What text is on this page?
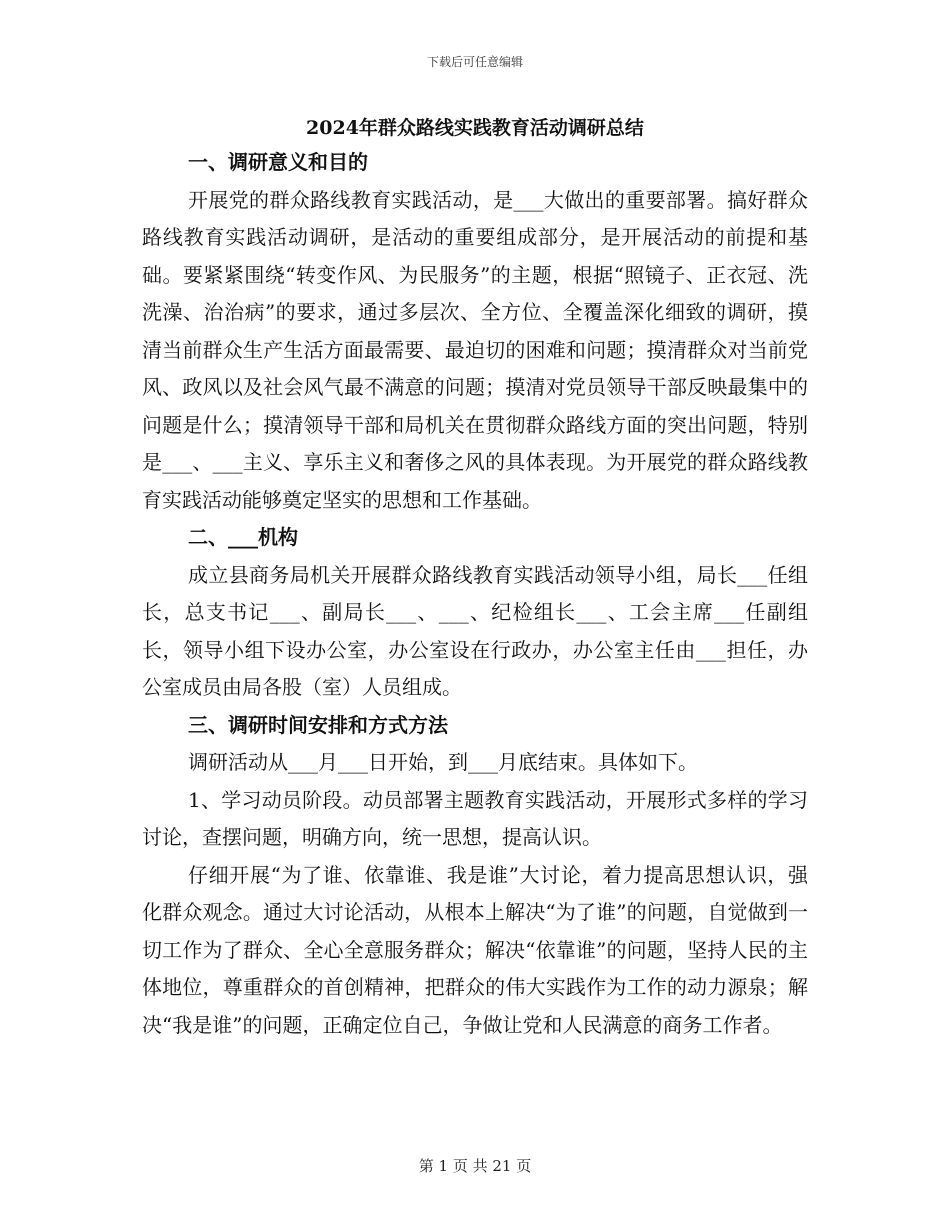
下载后可任意编辑

2024年群众路线实践教育活动调研总结

一、调研意义和目的

开展党的群众路线教育实践活动，是___大做出的重要部署。搞好群众路线教育实践活动调研，是活动的重要组成部分，是开展活动的前提和基础。要紧紧围绕“转变作风、为民服务”的主题，根据“照镜子、正衣冠、洗洗澡、治治病”的要求，通过多层次、全方位、全覆盖深化细致的调研，摸清当前群众生产生活方面最需要、最迫切的困难和问题；摸清群众对当前党风、政风以及社会风气最不满意的问题；摸清对党员领导干部反映最集中的问题是什么；摸清领导干部和局机关在贯彻群众路线方面的突出问题，特别是___、___主义、享乐主义和奢侈之风的具体表现。为开展党的群众路线教育实践活动能够奠定坚实的思想和工作基础。

二、___机构

成立县商务局机关开展群众路线教育实践活动领导小组，局长___任组长，总支书记___、副局长___、___、纪检组长___、工会主席___任副组长，领导小组下设办公室，办公室设在行政办，办公室主任由___担任，办公室成员由局各股（室）人员组成。

三、调研时间安排和方式方法

调研活动从___月___日开始，到___月底结束。具体如下。

1、学习动员阶段。动员部署主题教育实践活动，开展形式多样的学习讨论，查摆问题，明确方向，统一思想，提高认识。

仔细开展“为了谁、依靠谁、我是谁”大讨论，着力提高思想认识，强化群众观念。通过大讨论活动，从根本上解决“为了谁”的问题，自觉做到一切工作为了群众、全心全意服务群众；解决“依靠谁”的问题，坚持人民的主体地位，尊重群众的首创精神，把群众的伟大实践作为工作的动力源泉；解决“我是谁”的问题，正确定位自己，争做让党和人民满意的商务工作者。

第 1 页 共 21 页
